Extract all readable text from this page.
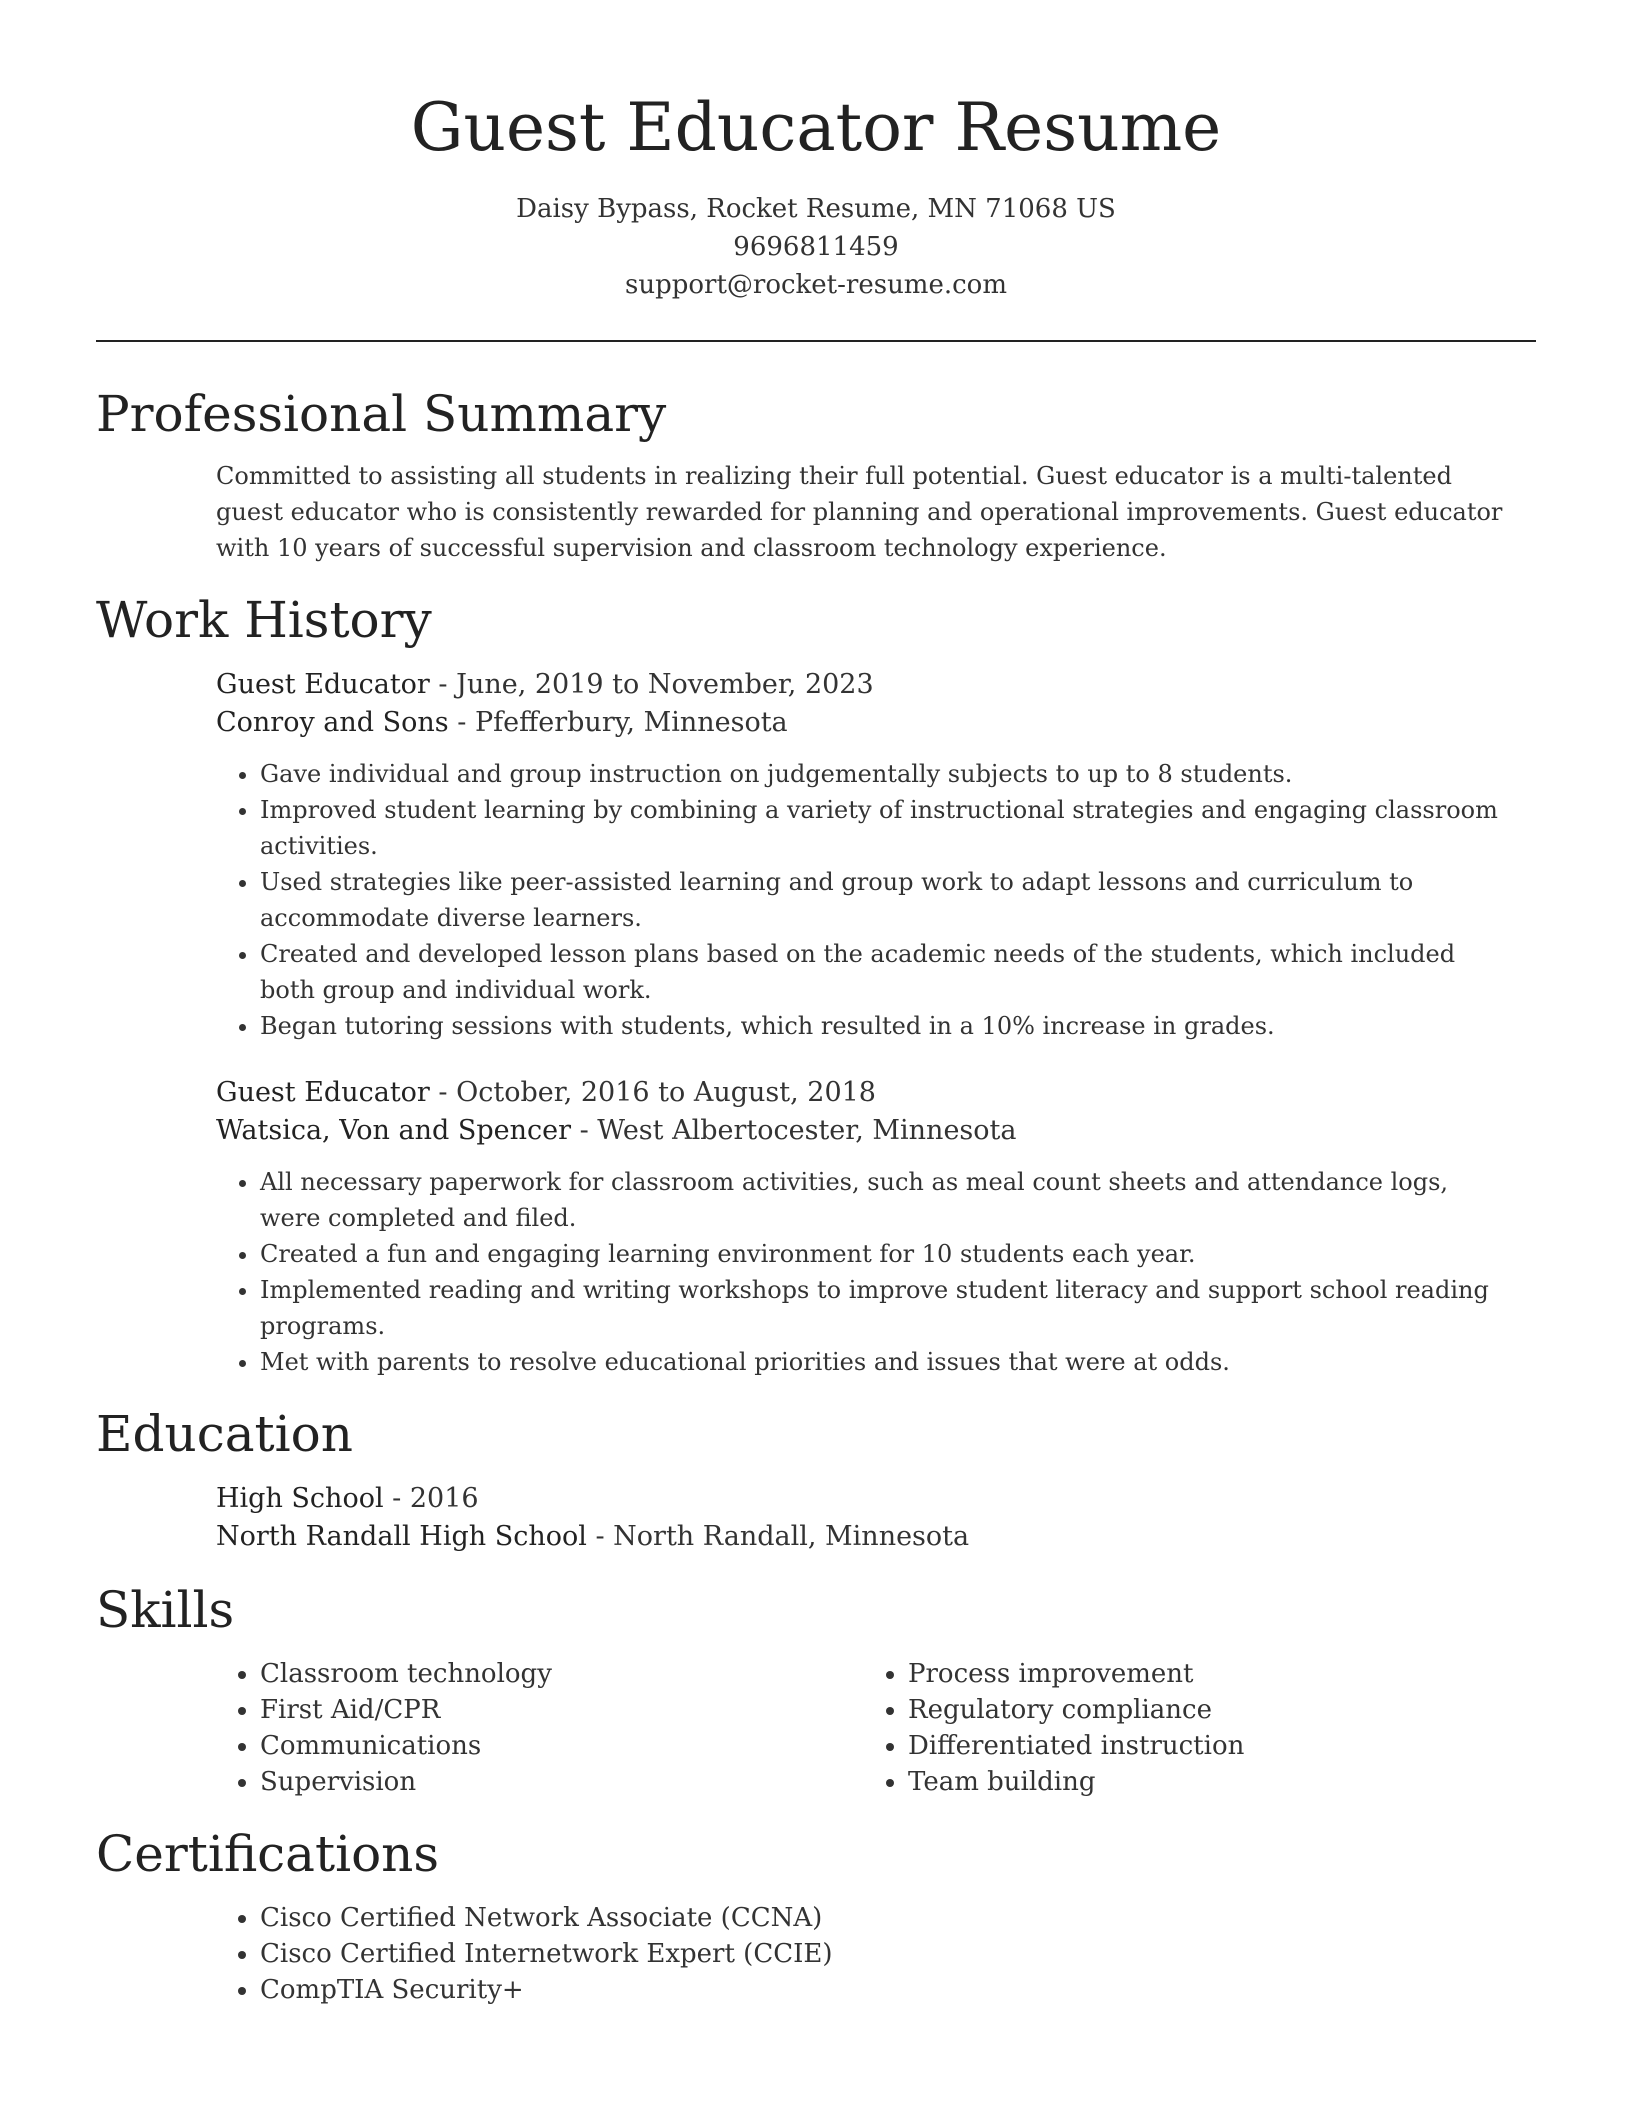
Guest Educator Resume
Daisy Bypass, Rocket Resume, MN 71068 US
9696811459
support@rocket-resume.com
Professional Summary

Committed to assisting all students in realizing their full potential. Guest educator is a multi-talented guest educator who is consistently rewarded for planning and operational improvements. Guest educator with 10 years of successful supervision and classroom technology experience.

Work History
Guest Educator - June, 2019 to November, 2023
Conroy and Sons - Pfefferbury, Minnesota
• Gave individual and group instruction on judgementally subjects to up to 8 students.
• Improved student learning by combining a variety of instructional strategies and engaging classroom activities.
• Used strategies like peer-assisted learning and group work to adapt lessons and curriculum to accommodate diverse learners.
• Created and developed lesson plans based on the academic needs of the students, which included both group and individual work.
• Began tutoring sessions with students, which resulted in a 10% increase in grades.
Guest Educator - October, 2016 to August, 2018
Watsica, Von and Spencer - West Albertocester, Minnesota
• All necessary paperwork for classroom activities, such as meal count sheets and attendance logs, were completed and filed.
• Created a fun and engaging learning environment for 10 students each year.
• Implemented reading and writing workshops to improve student literacy and support school reading programs.
• Met with parents to resolve educational priorities and issues that were at odds.
Education
High School - 2016
North Randall High School - North Randall, Minnesota
Skills
• Classroom technology
• First Aid/CPR
• Communications
• Supervision
• Process improvement
• Regulatory compliance
• Differentiated instruction
• Team building
Certifications
• Cisco Certified Network Associate (CCNA)
• Cisco Certified Internetwork Expert (CCIE)
• CompTIA Security+
